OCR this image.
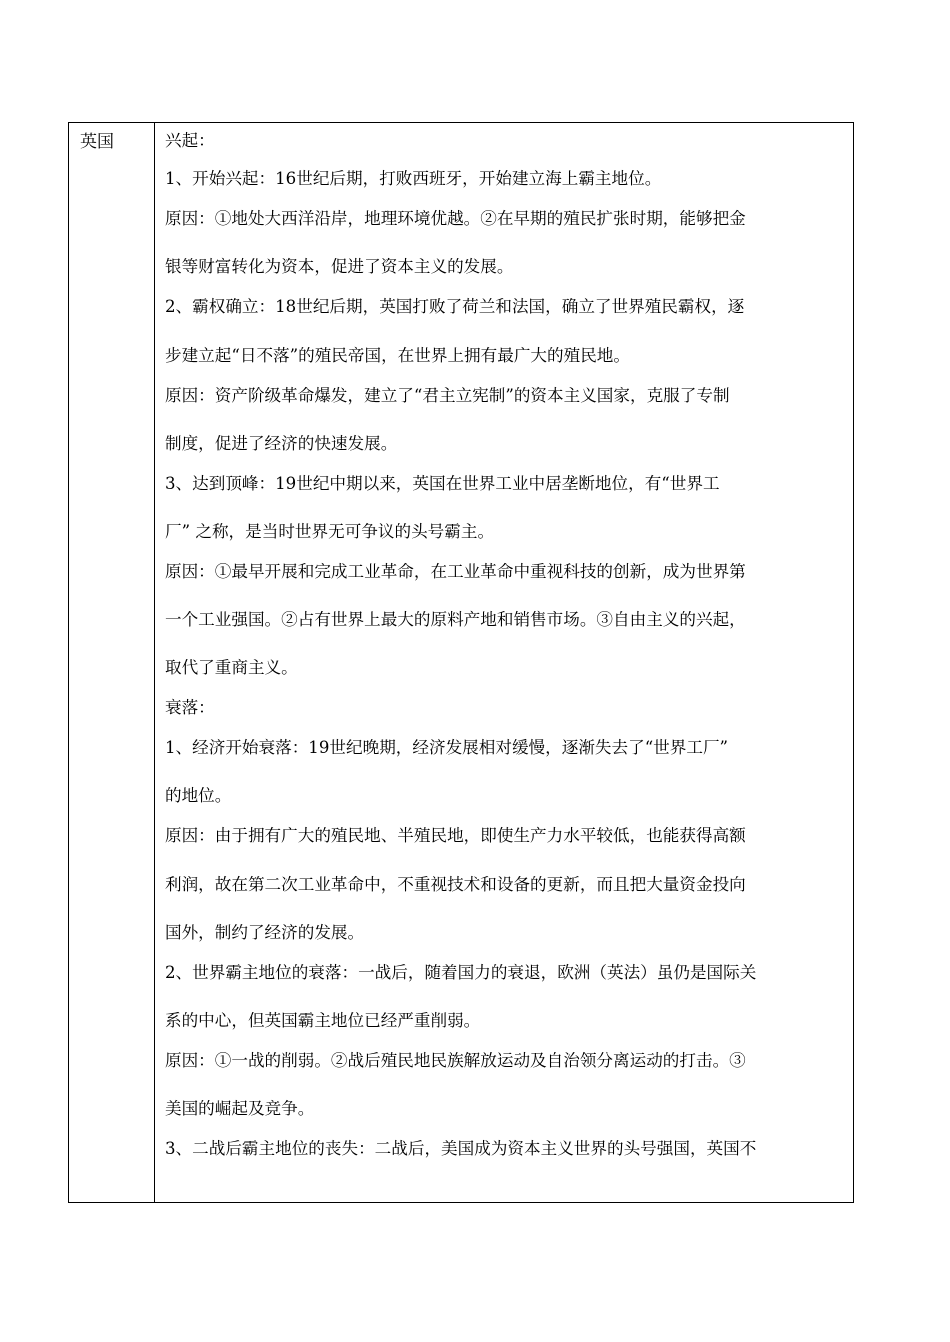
英国	兴起：

1、开始兴起：16世纪后期，打败西班牙，开始建立海上霸主地位。

原因：①地处大西洋沿岸，地理环境优越。②在早期的殖民扩张时期，能够把金

银等财富转化为资本，促进了资本主义的发展。

2、霸权确立：18世纪后期，英国打败了荷兰和法国，确立了世界殖民霸权，逐

步建立起“日不落”的殖民帝国，在世界上拥有最广大的殖民地。

原因：资产阶级革命爆发，建立了“君主立宪制”的资本主义国家，克服了专制

制度，促进了经济的快速发展。

3、达到顶峰：19世纪中期以来，英国在世界工业中居垄断地位，有“世界工

厂” 之称，是当时世界无可争议的头号霸主。

原因：①最早开展和完成工业革命，在工业革命中重视科技的创新，成为世界第

一个工业强国。②占有世界上最大的原料产地和销售市场。③自由主义的兴起，

取代了重商主义。

衰落：

1、经济开始衰落：19世纪晚期，经济发展相对缓慢，逐渐失去了“世界工厂”

的地位。

原因：由于拥有广大的殖民地、半殖民地，即使生产力水平较低，也能获得高额

利润，故在第二次工业革命中，不重视技术和设备的更新，而且把大量资金投向

国外，制约了经济的发展。

2、世界霸主地位的衰落：一战后，随着国力的衰退，欧洲（英法）虽仍是国际关

系的中心，但英国霸主地位已经严重削弱。

原因：①一战的削弱。②战后殖民地民族解放运动及自治领分离运动的打击。③

美国的崛起及竞争。

3、二战后霸主地位的丧失：二战后，美国成为资本主义世界的头号强国，英国不
